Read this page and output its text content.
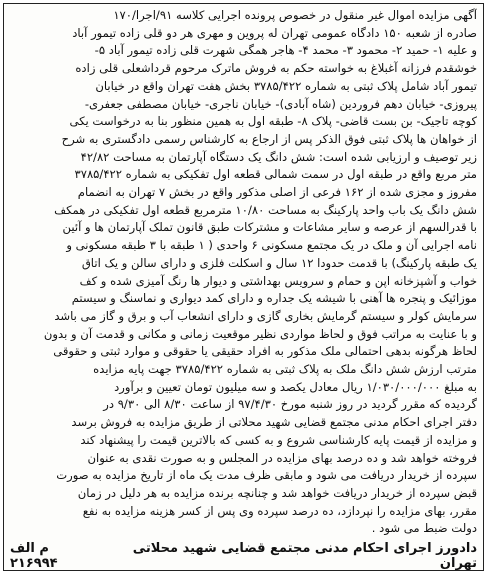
آگهی مزایده اموال غیر منقول در خصوص پرونده اجرایی کلاسه ۹۱/اجرا/۱۷۰
صادره از شعبه ۱۵۰ دادگاه عمومی تهران له پروین و مهری هر دو قلی زاده تیمور آباد
و علیه ۱- حمید ۲- محمود ۳- محمد ۴- هاجر همگی شهرت قلی زاده تیمور آباد ۵-
خوشقدم فرزانه آغبلاغ به خواسته حکم به فروش ماترک مرحوم قرداشعلی قلی زاده
تیمور آباد شامل پلاک ثبتی به شماره ۳۷۸۵/۴۲۲ بخش هفت تهران واقع در خیابان
پیروزی- خیابان دهم فروردین (شاه آبادی)- خیابان ناجری- خیابان مصطفی جعفری-
کوچه تاجیک- بن بست قاضی- پلاک ۸- طبقه اول به همین منظور بنا به درخواست یکی
از خواهان ها پلاک ثبتی فوق الذکر پس از ارجاع به کارشناس رسمی دادگستری به شرح
زیر توصیف و ارزیابی شده است: شش دانگ یک دستگاه آپارتمان به مساحت ۴۲/۸۲
متر مربع واقع در طبقه اول در سمت شمالی قطعه اول تفکیکی به شماره ۳۷۸۵/۴۲۲
مفروز و مجزی شده از ۱۶۲ فرعی از اصلی مذکور واقع در بخش ۷ تهران به انضمام
شش دانگ یک باب واحد پارکینگ به مساحت ۱۰/۸۰ مترمربع قطعه اول تفکیکی در همکف
با قدرالسهم از عرصه و سایر مشاعات و مشترکات طبق قانون تملک آپارتمان ها و آئین
نامه اجرایی آن و ملک در یک مجتمع مسکونی ۶ واحدی ( ۱ طبقه با ۳ طبقه مسکونی و
یک طبقه پارکینگ) با قدمت حدودا ۱۲ سال و اسکلت فلزی و دارای سالن و یک اتاق
خواب و آشپزخانه اپن و حمام و سرویس بهداشتی و دیوار ها رنگ آمیزی شده و کف
موزائیک و پنجره ها آهنی با شیشه یک جداره و دارای کمد دیواری و نماسنگ و سیستم
سرمایش کولر و سیستم گرمایش بخاری گازی و دارای انشعاب آب و برق و گاز می باشد
و با عنایت به مراتب فوق و لحاظ مواردی نظیر موقعیت زمانی و مکانی و قدمت آن و بدون
لحاظ هرگونه بدهی احتمالی ملک مذکور به افراد حقیقی یا حقوقی و موارد ثبتی و حقوقی
مترتب ارزش شش دانگ ملک به پلاک ثبتی به شماره ۳۷۸۵/۴۲۲ جهت پایه مزایده
به مبلغ ۱/۰۳۰/۰۰۰/۰۰۰ ریال معادل یکصد و سه میلیون تومان تعیین و برآورد
گردیده که مقرر گردید در روز شنبه مورخ ۹۷/۴/۳۰ از ساعت ۸/۳۰ الی ۹/۳۰ در
دفتر اجرای احکام مدنی مجتمع قضایی شهید محلاتی از طریق مزایده به فروش برسد
و مزایده از قیمت پایه کارشناسی شروع و به کسی که بالاترین قیمت را پیشنهاد کند
فروخته خواهد شد و ده درصد بهای مزایده در المجلس و به صورت نقدی به عنوان
سپرده از خریدار دریافت می شود و مابقی ظرف مدت یک ماه از تاریخ مزایده به صورت
قبض سپرده از خریدار دریافت خواهد شد و چنانچه برنده مزایده به هر دلیل در زمان
مقرر، بهای مزایده را نپردازد، ده درصد سپرده وی پس از کسر هزینه مزایده به نفع
دولت ضبط می شود .

دادورز اجرای احکام مدنی مجتمع قضایی شهید محلاتی تهران
م الف ۲۱۶۹۹۴
